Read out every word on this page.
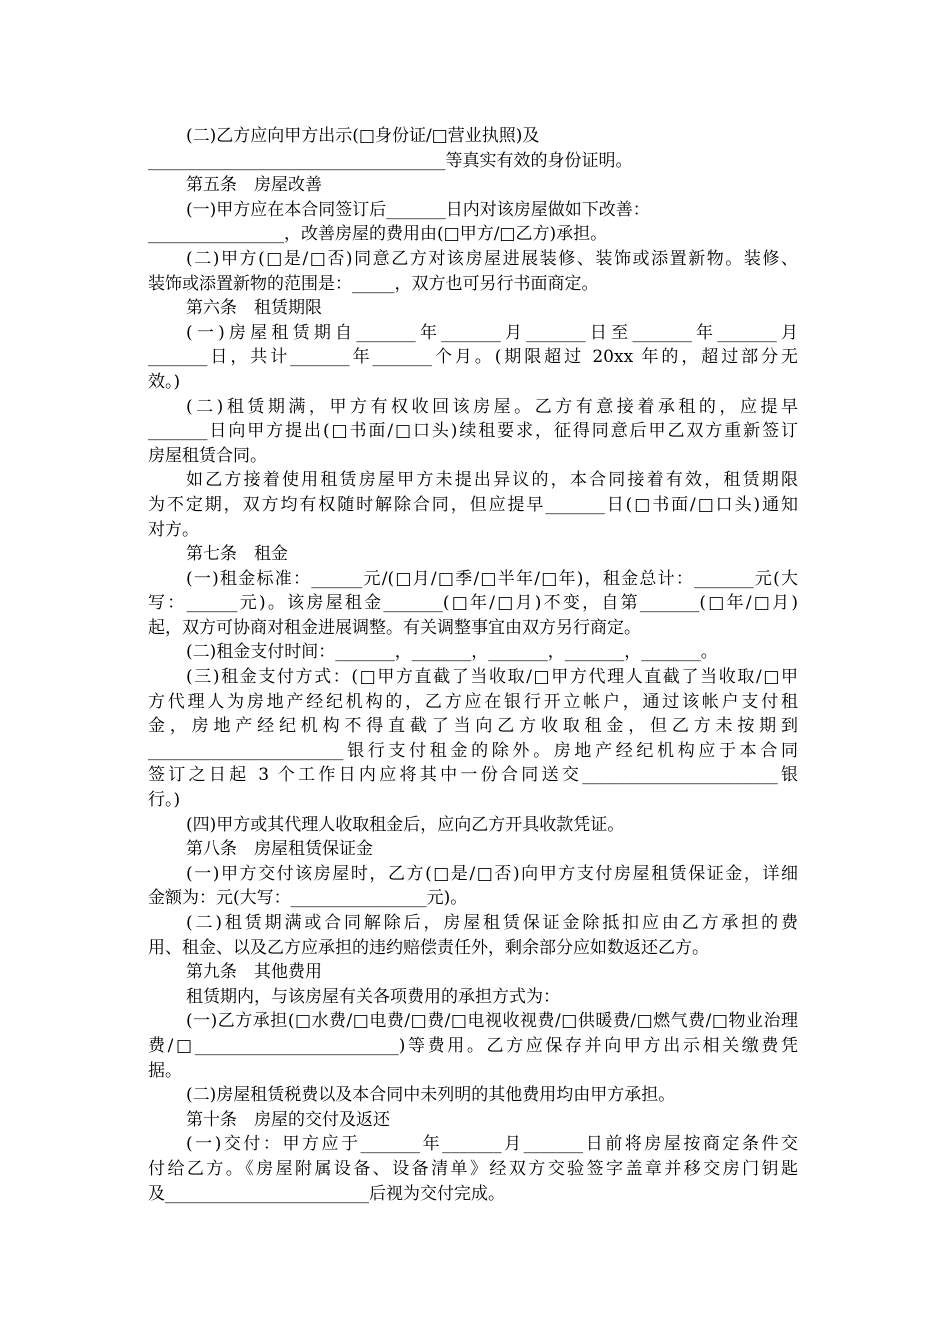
(二)乙方应向甲方出示(□身份证/□营业执照)及
___________________________________等真实有效的身份证明。
第五条　房屋改善
(一)甲方应在本合同签订后_______日内对该房屋做如下改善：
________________，改善房屋的费用由(□甲方/□乙方)承担。
(二)甲方(□是/□否)同意乙方对该房屋进展装修、装饰或添置新物。装修、
装饰或添置新物的范围是：_____，双方也可另行书面商定。
第六条　租赁期限
(一)房屋租赁期自_______年_______月_______日至_______年_______月
_______日，共计_______年_______个月。(期限超过 20xx 年的，超过部分无
效。)
(二)租赁期满，甲方有权收回该房屋。乙方有意接着承租的，应提早
_______日向甲方提出(□书面/□口头)续租要求，征得同意后甲乙双方重新签订
房屋租赁合同。
如乙方接着使用租赁房屋甲方未提出异议的，本合同接着有效，租赁期限
为不定期，双方均有权随时解除合同，但应提早_______日(□书面/□口头)通知
对方。
第七条　租金
(一)租金标准：______元/(□月/□季/□半年/□年)，租金总计：_______元(大
写：______元)。该房屋租金_______(□年/□月)不变，自第_______(□年/□月)
起，双方可协商对租金进展调整。有关调整事宜由双方另行商定。
(二)租金支付时间：_______，_______，_______，_______，_______。
(三)租金支付方式：(□甲方直截了当收取/□甲方代理人直截了当收取/□甲
方代理人为房地产经纪机构的，乙方应在银行开立帐户，通过该帐户支付租
金，房地产经纪机构不得直截了当向乙方收取租金，但乙方未按期到
_______________________银行支付租金的除外。房地产经纪机构应于本合同
签订之日起 3 个工作日内应将其中一份合同送交_______________________银
行。)
(四)甲方或其代理人收取租金后，应向乙方开具收款凭证。
第八条　房屋租赁保证金
(一)甲方交付该房屋时，乙方(□是/□否)向甲方支付房屋租赁保证金，详细
金额为：元(大写：________________元)。
(二)租赁期满或合同解除后，房屋租赁保证金除抵扣应由乙方承担的费
用、租金、以及乙方应承担的违约赔偿责任外，剩余部分应如数返还乙方。
第九条　其他费用
租赁期内，与该房屋有关各项费用的承担方式为：
(一)乙方承担(□水费/□电费/□费/□电视收视费/□供暖费/□燃气费/□物业治理
费/□________________________)等费用。乙方应保存并向甲方出示相关缴费凭
据。
(二)房屋租赁税费以及本合同中未列明的其他费用均由甲方承担。
第十条　房屋的交付及返还
(一)交付：甲方应于_______年_______月_______日前将房屋按商定条件交
付给乙方。《房屋附属设备、设备清单》经双方交验签字盖章并移交房门钥匙
及________________________后视为交付完成。
